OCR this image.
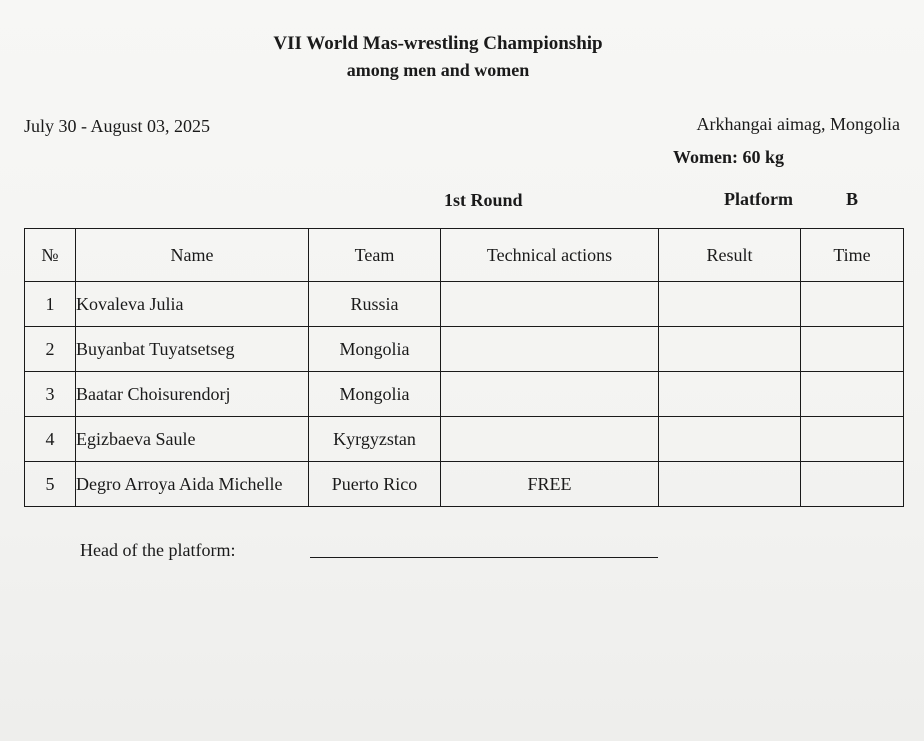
VII World Mas-wrestling Championship
among men and women
July 30 - August 03, 2025	Arkhangai aimag, Mongolia
Women: 60 kg
1st Round	Platform	B
№	Name	Team	Technical actions	Result	Time
1	Kovaleva Julia	Russia			
2	Buyanbat Tuyatsetseg	Mongolia			
3	Baatar Choisurendorj	Mongolia			
4	Egizbaeva Saule	Kyrgyzstan			
5	Degro Arroya Aida Michelle	Puerto Rico	FREE		
Head of the platform:
